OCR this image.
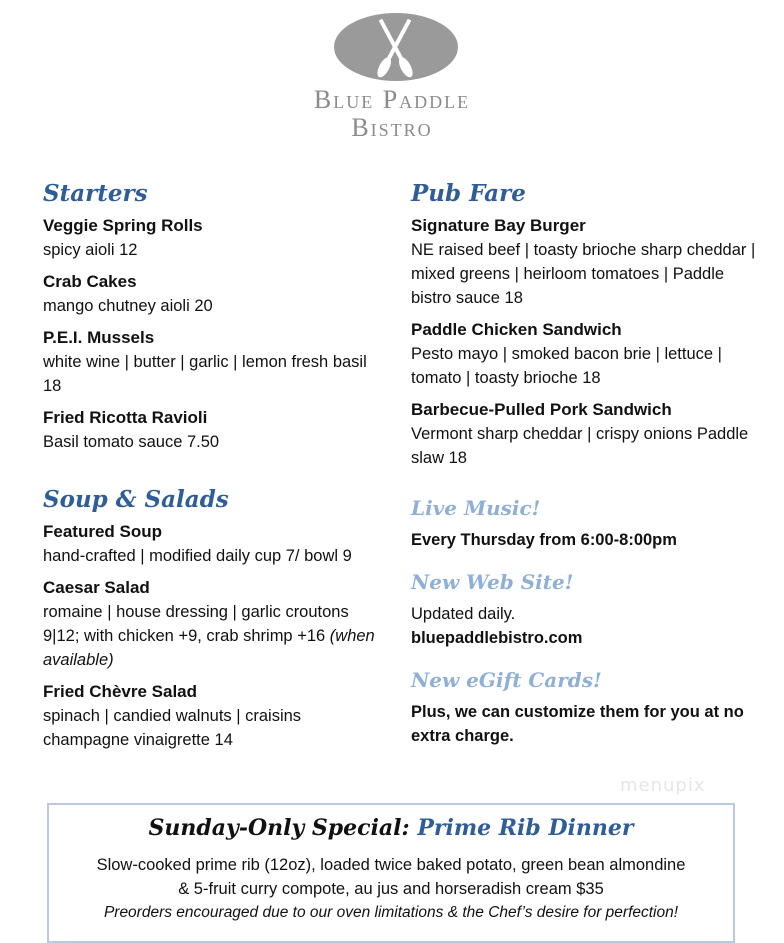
Blue Paddle
Bistro
Starters
Veggie Spring Rolls
spicy aioli 12
Crab Cakes
mango chutney aioli 20
P.E.I. Mussels
white wine | butter | garlic | lemon fresh basil 18
Fried Ricotta Ravioli
Basil tomato sauce 7.50
Soup & Salads
Featured Soup
hand-crafted | modified daily cup 7/ bowl 9
Caesar Salad
romaine | house dressing | garlic croutons 9|12; with chicken +9, crab shrimp +16 (when available)
Fried Chèvre Salad
spinach | candied walnuts | craisins champagne vinaigrette 14
Pub Fare
Signature Bay Burger
NE raised beef | toasty brioche sharp cheddar | mixed greens | heirloom tomatoes | Paddle bistro sauce 18
Paddle Chicken Sandwich
Pesto mayo | smoked bacon brie | lettuce | tomato | toasty brioche 18
Barbecue-Pulled Pork Sandwich
Vermont sharp cheddar | crispy onions Paddle slaw 18
Live Music!
Every Thursday from 6:00-8:00pm
New Web Site!
Updated daily.
bluepaddlebistro.com
New eGift Cards!
Plus, we can customize them for you at no extra charge.
menupix
Sunday-Only Special: Prime Rib Dinner
Slow-cooked prime rib (12oz), loaded twice baked potato, green bean almondine
& 5-fruit curry compote, au jus and horseradish cream $35
Preorders encouraged due to our oven limitations & the Chef’s desire for perfection!
